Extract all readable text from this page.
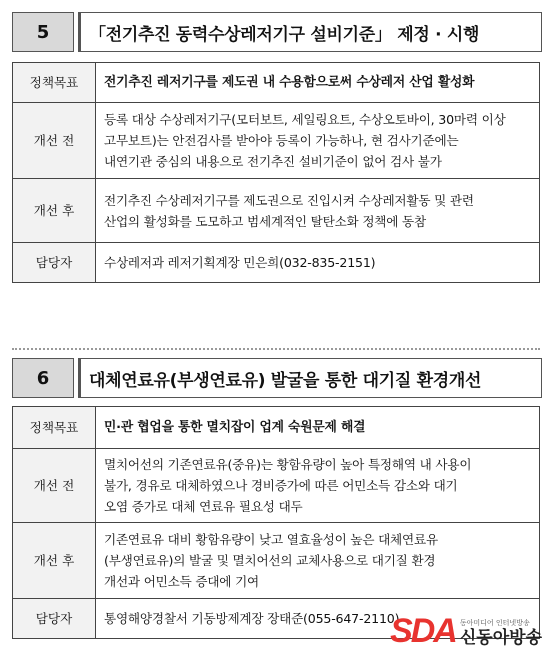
5	「전기추진 동력수상레저기구 설비기준」 제정 · 시행
정책목표	전기추진 레저기구를 제도권 내 수용함으로써 수상레저 산업 활성화

개선 전	등록 대상 수상레저기구(모터보트, 세일링요트, 수상오토바이, 30마력 이상
고무보트)는 안전검사를 받아야 등록이 가능하나, 현 검사기준에는
내연기관 중심의 내용으로 전기추진 설비기준이 없어 검사 불가

개선 후	전기추진 수상레저기구를 제도권으로 진입시켜 수상레저활동 및 관련
산업의 활성화를 도모하고 범세계적인 탈탄소화 정책에 동참

담당자	수상레저과 레저기획계장 민은희(032-835-2151)
6	대체연료유(부생연료유) 발굴을 통한 대기질 환경개선
정책목표	민·관 협업을 통한 멸치잡이 업계 숙원문제 해결

개선 전	멸치어선의 기존연료유(중유)는 황함유량이 높아 특정해역 내 사용이
불가, 경유로 대체하였으나 경비증가에 따른 어민소득 감소와 대기
오염 증가로 대체 연료유 필요성 대두

개선 후	기존연료유 대비 황함유량이 낮고 열효율성이 높은 대체연료유
(부생연료유)의 발굴 및 멸치어선의 교체사용으로 대기질 환경
개선과 어민소득 증대에 기여

담당자	통영해양경찰서 기동방제계장 장태준(055-647-2110)
SDA 동아미디어 인터넷방송
신동아방송
